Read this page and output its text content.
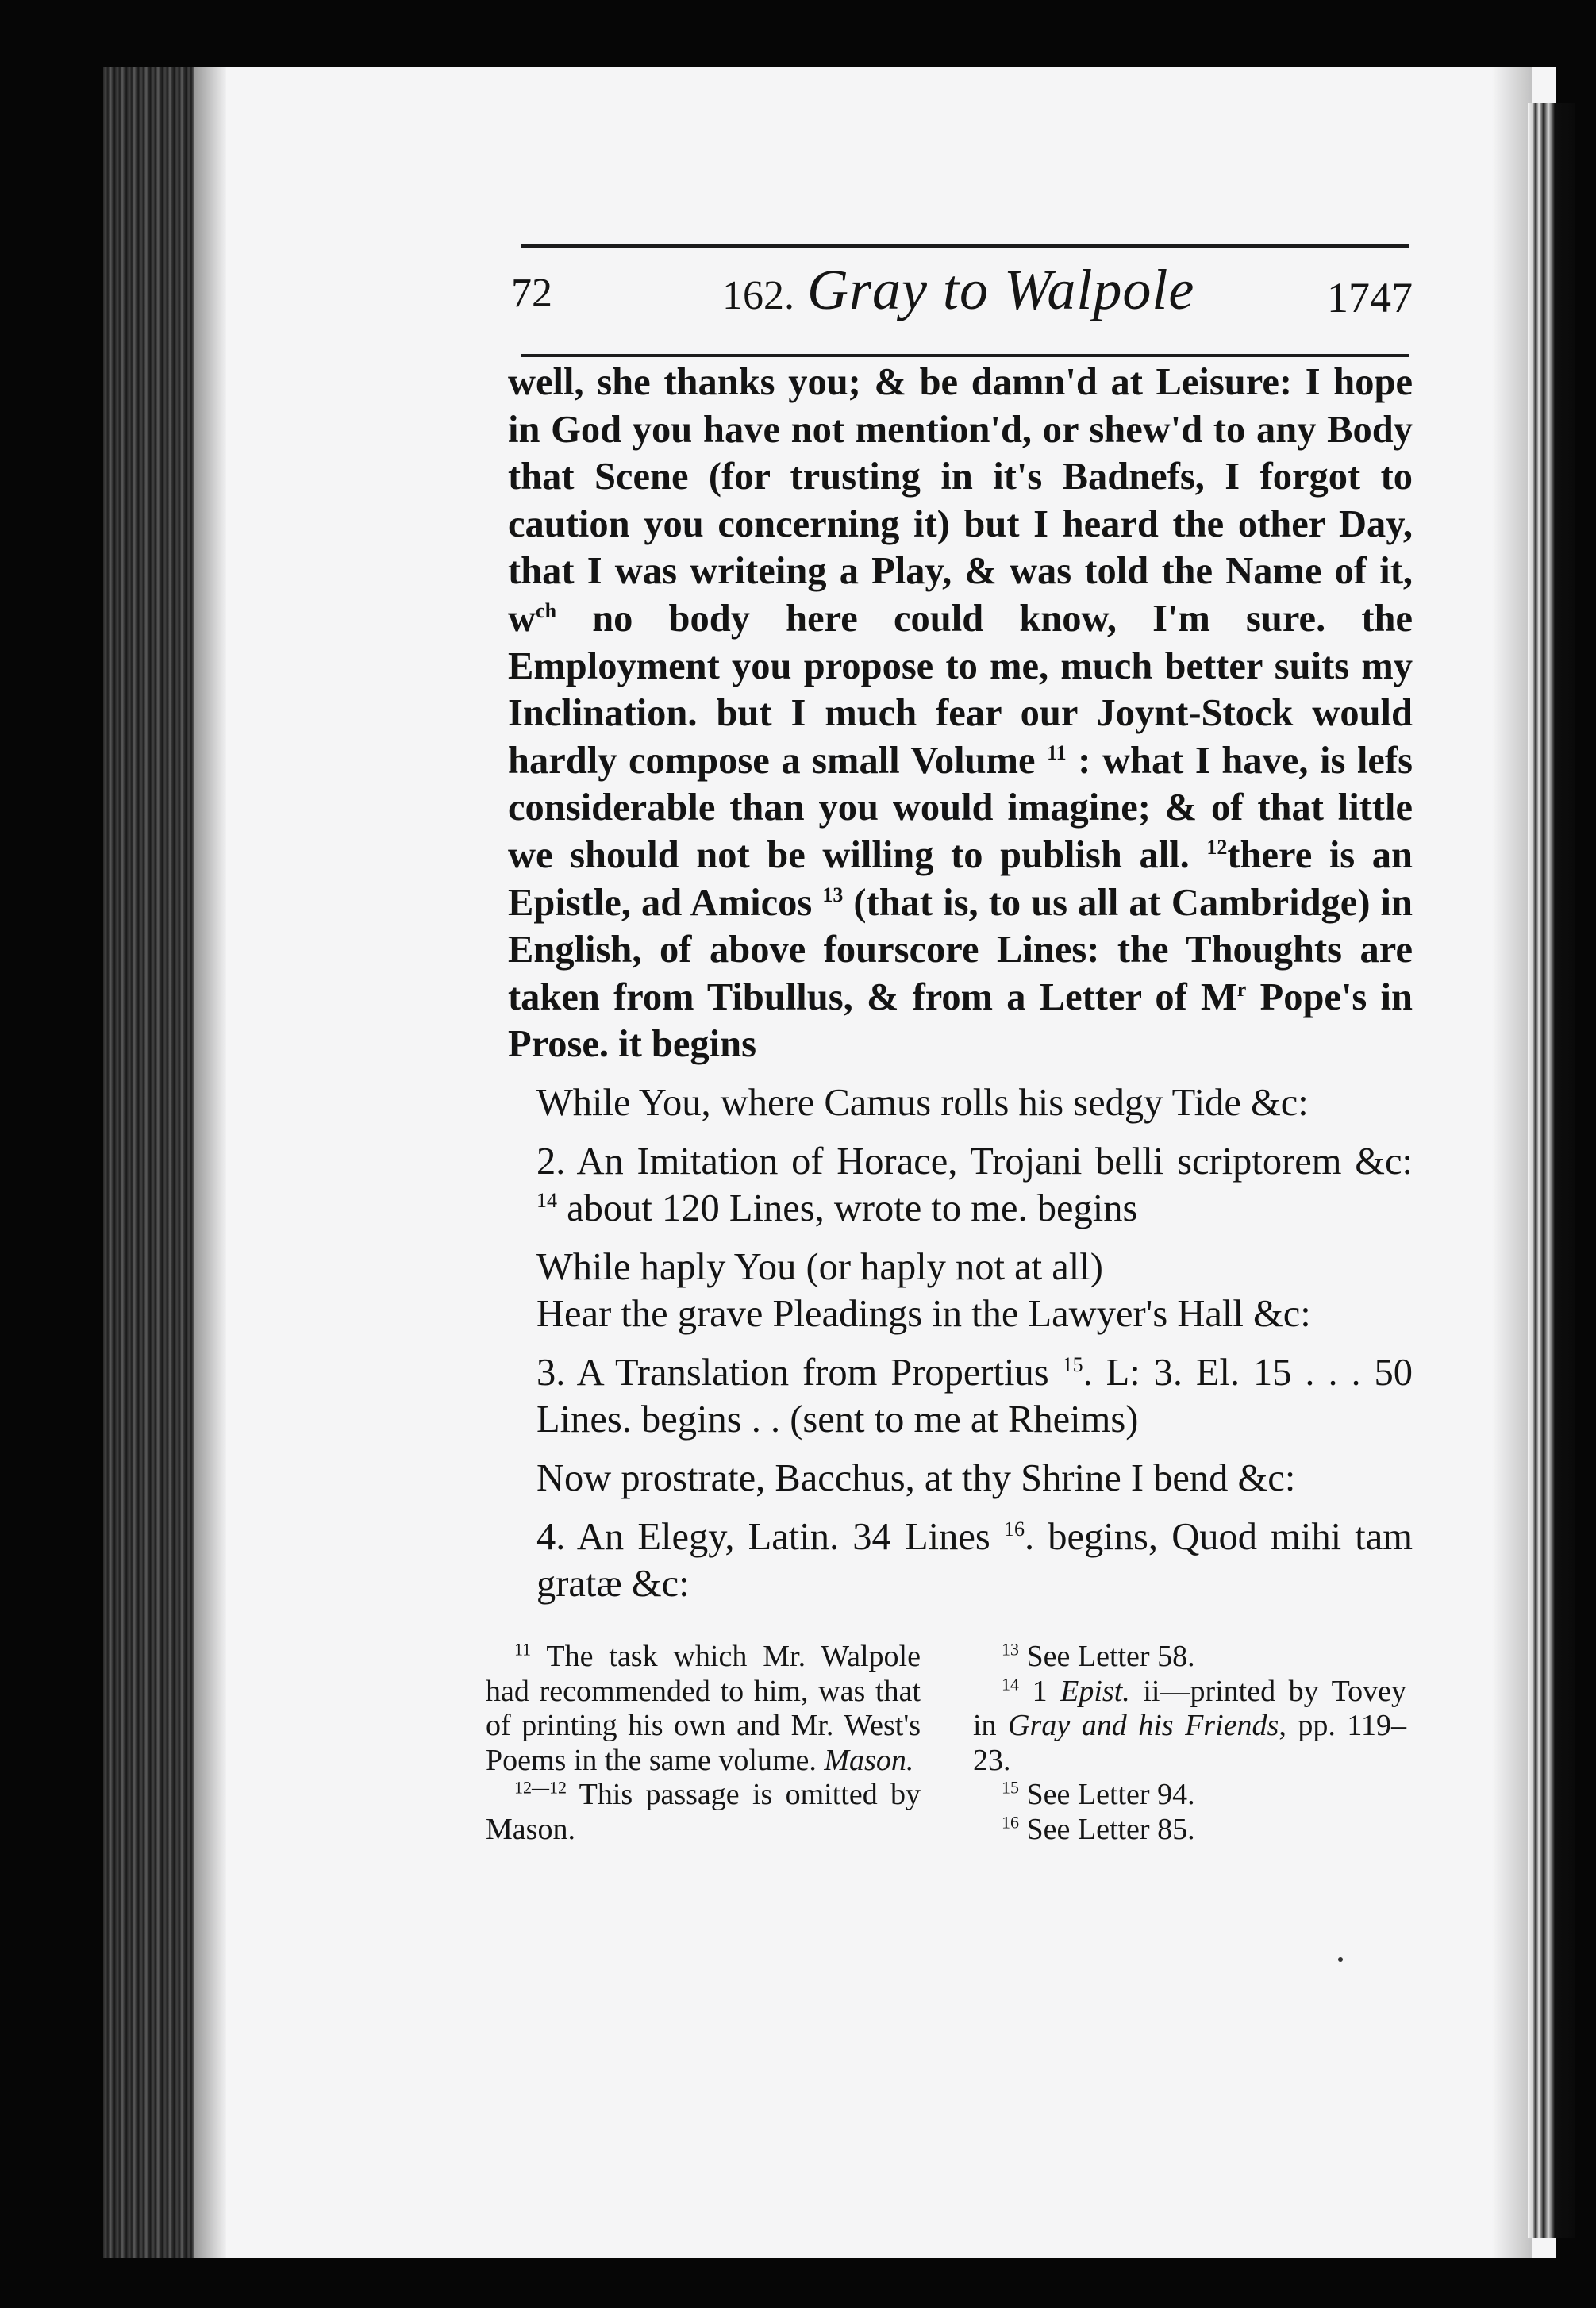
72	162. Gray to Walpole	1747

well, she thanks you; & be damn'd at Leisure: I hope in God you have not mention'd, or shew'd to any Body that Scene (for trusting in it's Badnefs, I forgot to caution you concerning it) but I heard the other Day, that I was writeing a Play, & was told the Name of it, $w^{ch}$ no body here could know, I'm sure. the Employment you propose to me, much better suits my Inclination. but I much fear our Joynt-Stock would hardly compose a small Volume $^{11}$ : what I have, is lefs considerable than you would imagine; & of that little we should not be willing to publish all. $^{12}$there is an Epistle, ad Amicos $^{13}$ (that is, to us all at Cambridge) in English, of above fourscore Lines: the Thoughts are taken from Tibullus, & from a Letter of $M^r$ Pope's in Prose. it begins

While You, where Camus rolls his sedgy Tide &c:

2. An Imitation of Horace, Trojani belli scriptorem &c: $^{14}$ about 120 Lines, wrote to me. begins

While haply You (or haply not at all)

Hear the grave Pleadings in the Lawyer's Hall &c:

3. A Translation from Propertius $^{15}$. L: 3. El. 15 . . . 50 Lines. begins . . (sent to me at Rheims)

Now prostrate, Bacchus, at thy Shrine I bend &c:

4. An Elegy, Latin. 34 Lines $^{16}$. begins, Quod mihi tam gratæ &c:

$^{11}$ The task which Mr. Walpole had recommended to him, was that of printing his own and Mr. West's Poems in the same volume. Mason.

$^{12—12}$ This passage is omitted by Mason.

$^{13}$ See Letter 58.

$^{14}$ 1 Epist. ii—printed by Tovey in Gray and his Friends, pp. 119–23.

$^{15}$ See Letter 94.

$^{16}$ See Letter 85.
